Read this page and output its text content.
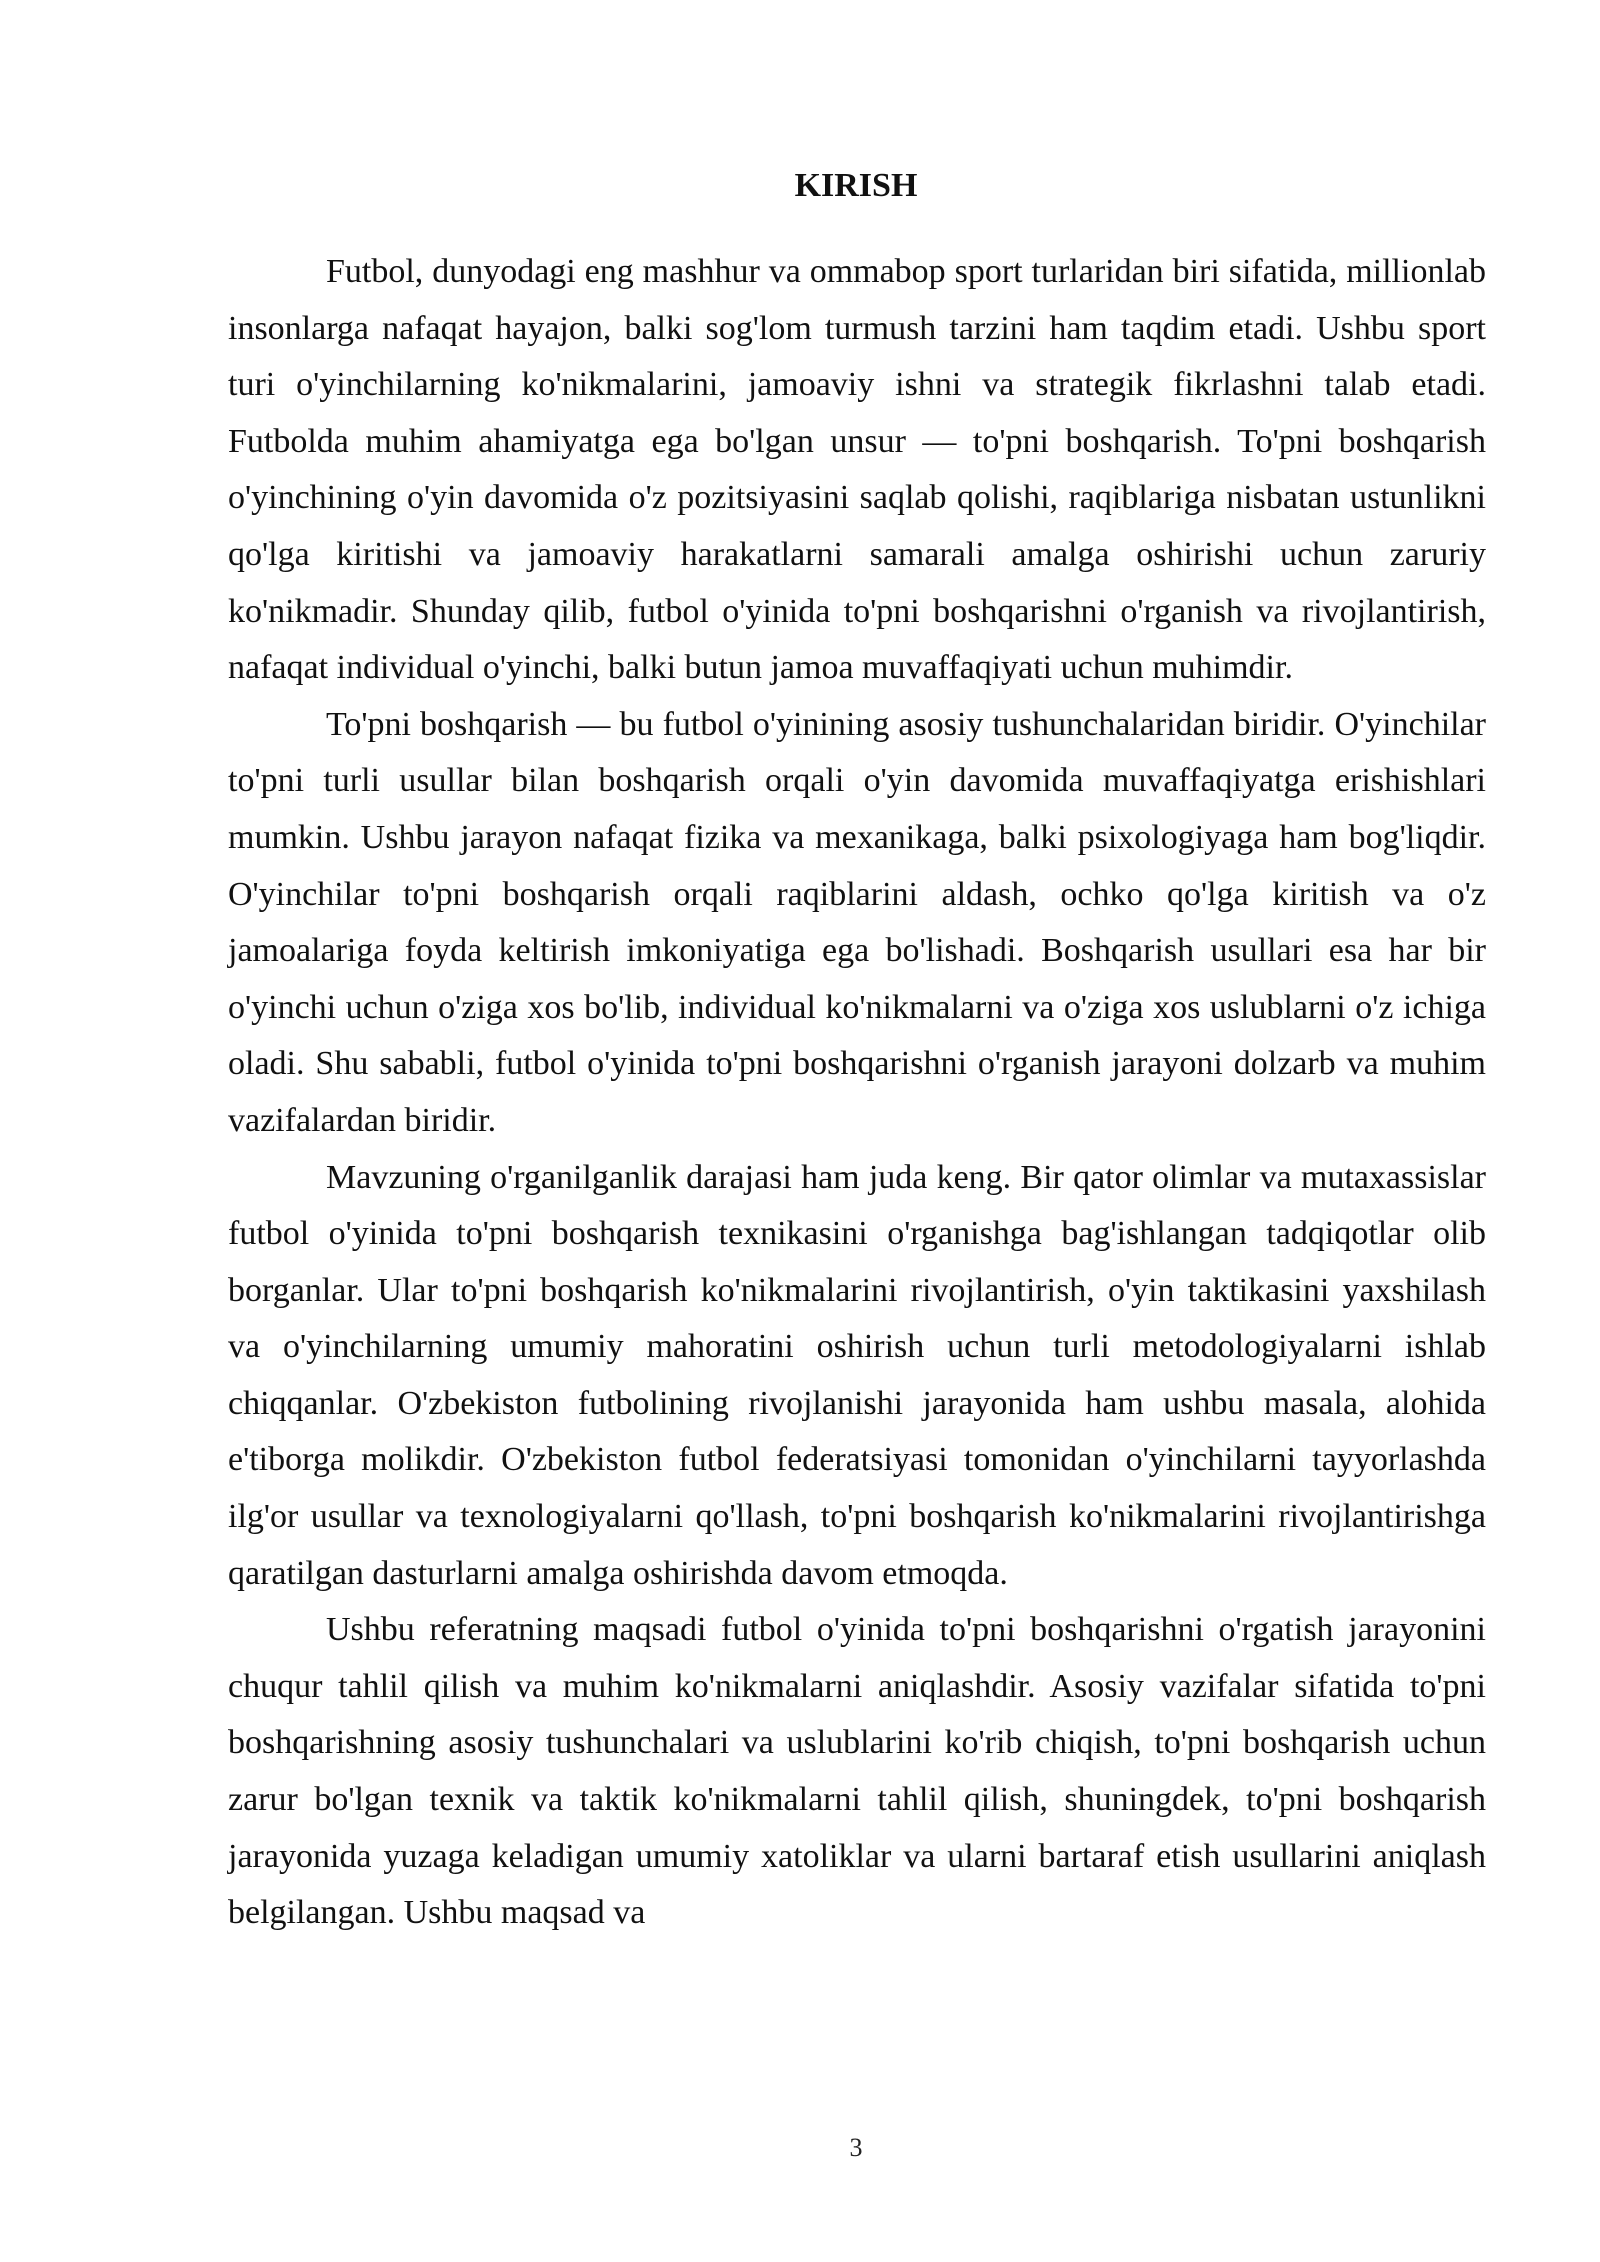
KIRISH

Futbol, dunyodagi eng mashhur va ommabop sport turlaridan biri sifatida, millionlab insonlarga nafaqat hayajon, balki sog'lom turmush tarzini ham taqdim etadi. Ushbu sport turi o'yinchilarning ko'nikmalarini, jamoaviy ishni va strategik fikrlashni talab etadi. Futbolda muhim ahamiyatga ega bo'lgan unsur — to'pni boshqarish. To'pni boshqarish o'yinchining o'yin davomida o'z pozitsiyasini saqlab qolishi, raqiblariga nisbatan ustunlikni qo'lga kiritishi va jamoaviy harakatlarni samarali amalga oshirishi uchun zaruriy ko'nikmadir. Shunday qilib, futbol o'yinida to'pni boshqarishni o'rganish va rivojlantirish, nafaqat individual o'yinchi, balki butun jamoa muvaffaqiyati uchun muhimdir.

To'pni boshqarish — bu futbol o'yinining asosiy tushunchalaridan biridir. O'yinchilar to'pni turli usullar bilan boshqarish orqali o'yin davomida muvaffaqiyatga erishishlari mumkin. Ushbu jarayon nafaqat fizika va mexanikaga, balki psixologiyaga ham bog'liqdir. O'yinchilar to'pni boshqarish orqali raqiblarini aldash, ochko qo'lga kiritish va o'z jamoalariga foyda keltirish imkoniyatiga ega bo'lishadi. Boshqarish usullari esa har bir o'yinchi uchun o'ziga xos bo'lib, individual ko'nikmalarni va o'ziga xos uslublarni o'z ichiga oladi. Shu sababli, futbol o'yinida to'pni boshqarishni o'rganish jarayoni dolzarb va muhim vazifalardan biridir.

Mavzuning o'rganilganlik darajasi ham juda keng. Bir qator olimlar va mutaxassislar futbol o'yinida to'pni boshqarish texnikasini o'rganishga bag'ishlangan tadqiqotlar olib borganlar. Ular to'pni boshqarish ko'nikmalarini rivojlantirish, o'yin taktikasini yaxshilash va o'yinchilarning umumiy mahoratini oshirish uchun turli metodologiyalarni ishlab chiqqanlar. O'zbekiston futbolining rivojlanishi jarayonida ham ushbu masala, alohida e'tiborga molikdir. O'zbekiston futbol federatsiyasi tomonidan o'yinchilarni tayyorlashda ilg'or usullar va texnologiyalarni qo'llash, to'pni boshqarish ko'nikmalarini rivojlantirishga qaratilgan dasturlarni amalga oshirishda davom etmoqda.

Ushbu referatning maqsadi futbol o'yinida to'pni boshqarishni o'rgatish jarayonini chuqur tahlil qilish va muhim ko'nikmalarni aniqlashdir. Asosiy vazifalar sifatida to'pni boshqarishning asosiy tushunchalari va uslublarini ko'rib chiqish, to'pni boshqarish uchun zarur bo'lgan texnik va taktik ko'nikmalarni tahlil qilish, shuningdek, to'pni boshqarish jarayonida yuzaga keladigan umumiy xatoliklar va ularni bartaraf etish usullarini aniqlash belgilangan. Ushbu maqsad va

3
